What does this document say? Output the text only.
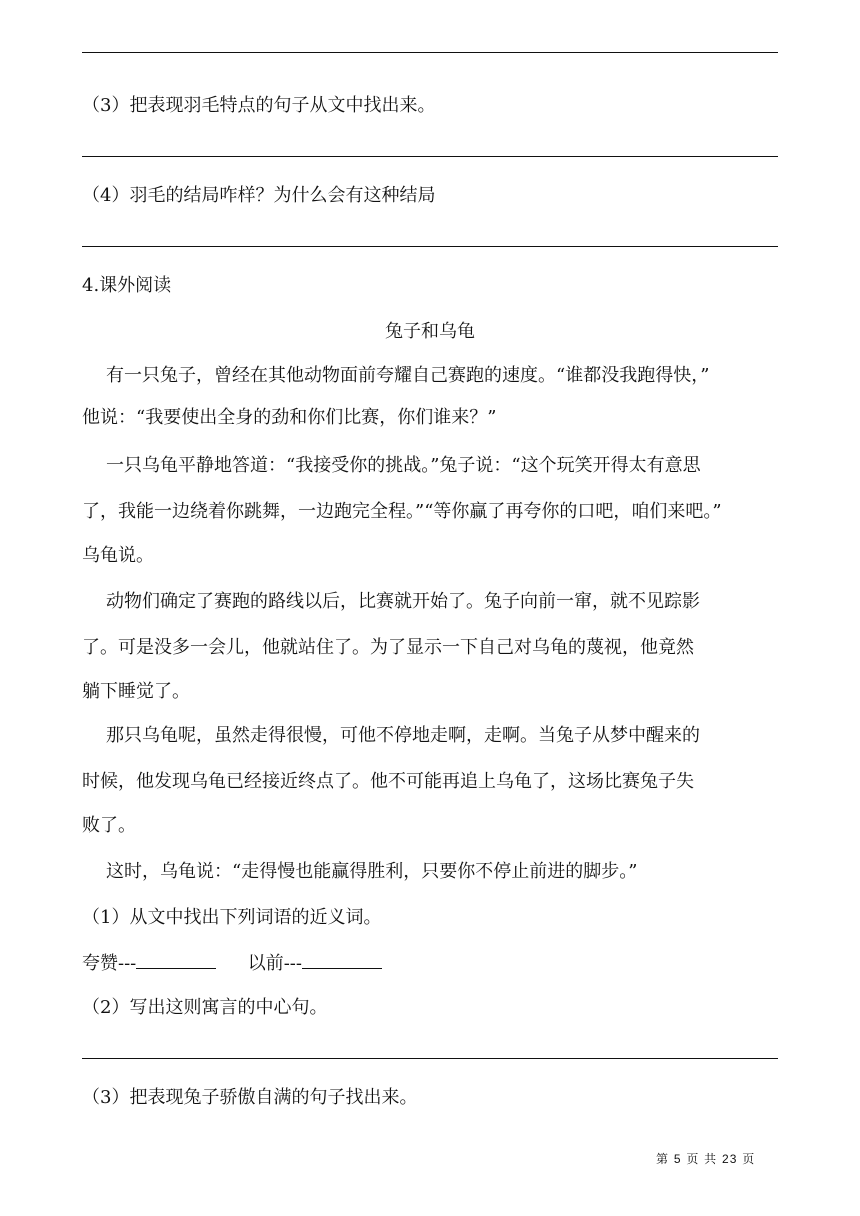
（3）把表现羽毛特点的句子从文中找出来。
（4）羽毛的结局咋样？为什么会有这种结局
4.课外阅读
兔子和乌龟
有一只兔子，曾经在其他动物面前夸耀自己赛跑的速度。“谁都没我跑得快，”
他说：“我要使出全身的劲和你们比赛，你们谁来？”
一只乌龟平静地答道：“我接受你的挑战。”兔子说：“这个玩笑开得太有意思
了，我能一边绕着你跳舞，一边跑完全程。”“等你赢了再夸你的口吧，咱们来吧。”
乌龟说。
动物们确定了赛跑的路线以后，比赛就开始了。兔子向前一窜，就不见踪影
了。可是没多一会儿，他就站住了。为了显示一下自己对乌龟的蔑视，他竟然
躺下睡觉了。
那只乌龟呢，虽然走得很慢，可他不停地走啊，走啊。当兔子从梦中醒来的
时候，他发现乌龟已经接近终点了。他不可能再追上乌龟了，这场比赛兔子失
败了。
这时，乌龟说：“走得慢也能赢得胜利，只要你不停止前进的脚步。”
（1）从文中找出下列词语的近义词。
夸赞---	以前---
（2）写出这则寓言的中心句。
（3）把表现兔子骄傲自满的句子找出来。
第 5 页 共 23 页
